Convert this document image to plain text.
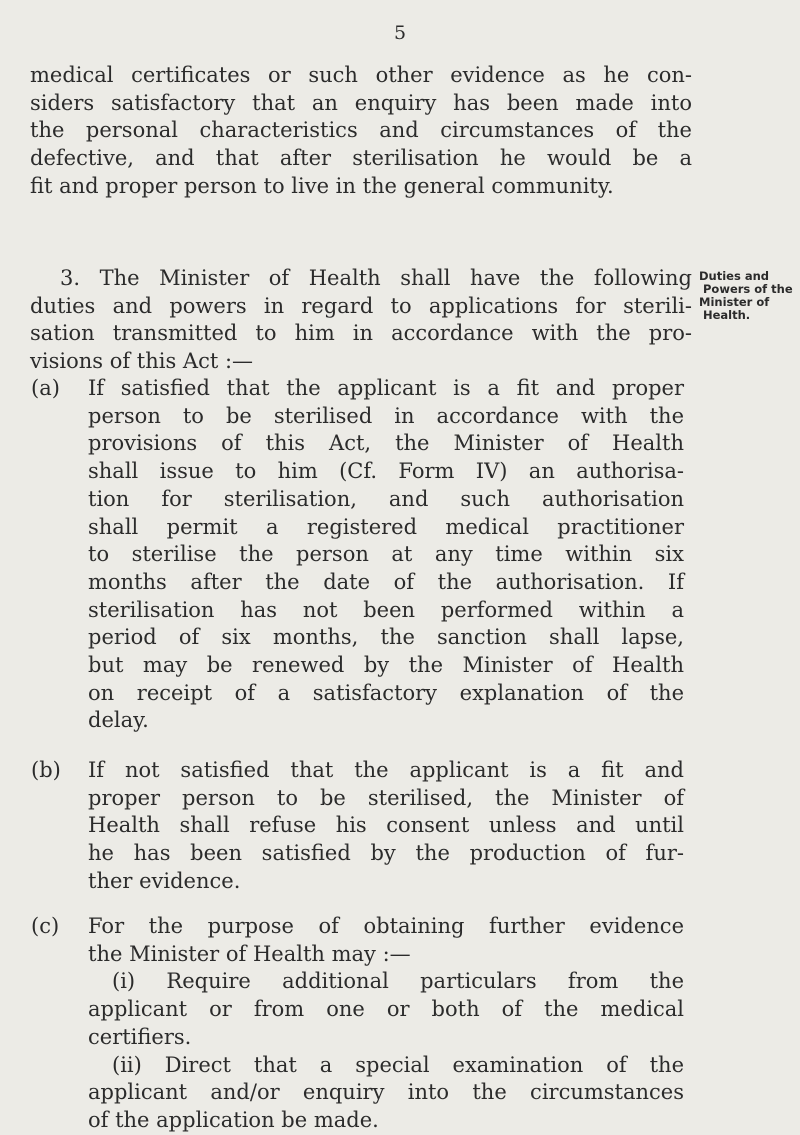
5
medical certificates or such other evidence as he con-
siders satisfactory that an enquiry has been made into
the personal characteristics and circumstances of the
defective, and that after sterilisation he would be a
fit and proper person to live in the general community.
3. The Minister of Health shall have the following
duties and powers in regard to applications for sterili-
sation transmitted to him in accordance with the pro-
visions of this Act :—
Duties and
Powers of the
Minister of
Health.
(a) If satisfied that the applicant is a fit and proper
person to be sterilised in accordance with the
provisions of this Act, the Minister of Health
shall issue to him (Cf. Form IV) an authorisa-
tion for sterilisation, and such authorisation
shall permit a registered medical practitioner
to sterilise the person at any time within six
months after the date of the authorisation. If
sterilisation has not been performed within a
period of six months, the sanction shall lapse,
but may be renewed by the Minister of Health
on receipt of a satisfactory explanation of the
delay.
(b) If not satisfied that the applicant is a fit and
proper person to be sterilised, the Minister of
Health shall refuse his consent unless and until
he has been satisfied by the production of fur-
ther evidence.
(c) For the purpose of obtaining further evidence
the Minister of Health may :—
(i) Require additional particulars from the
applicant or from one or both of the medical
certifiers.
(ii) Direct that a special examination of the
applicant and/or enquiry into the circumstances
of the application be made.
